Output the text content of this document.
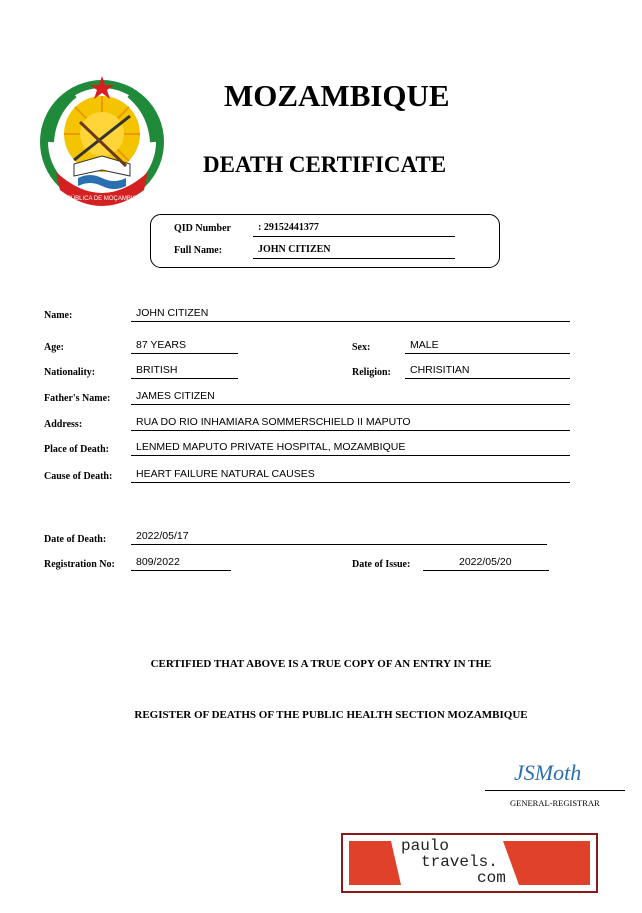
REPÚBLICA DE MOÇAMBIQUE
MOZAMBIQUE
DEATH CERTIFICATE
QID Number	: 29152441377
Full Name:	JOHN CITIZEN
Name:	JOHN CITIZEN
Age:	87 YEARS	Sex:	MALE
Nationality:	BRITISH	Religion:	CHRISITIAN
Father's Name:	JAMES CITIZEN
Address:	RUA DO RIO INHAMIARA SOMMERSCHIELD II MAPUTO
Place of Death:	LENMED MAPUTO PRIVATE HOSPITAL, MOZAMBIQUE
Cause of Death:	HEART FAILURE NATURAL CAUSES
Date of Death:	2022/05/17
Registration No:	809/2022	Date of Issue:	2022/05/20
CERTIFIED THAT ABOVE IS A TRUE COPY OF AN ENTRY IN THE
REGISTER OF DEATHS OF THE PUBLIC HEALTH SECTION MOZAMBIQUE
JSMoth
GENERAL-REGISTRAR
paulo
travels.
com
